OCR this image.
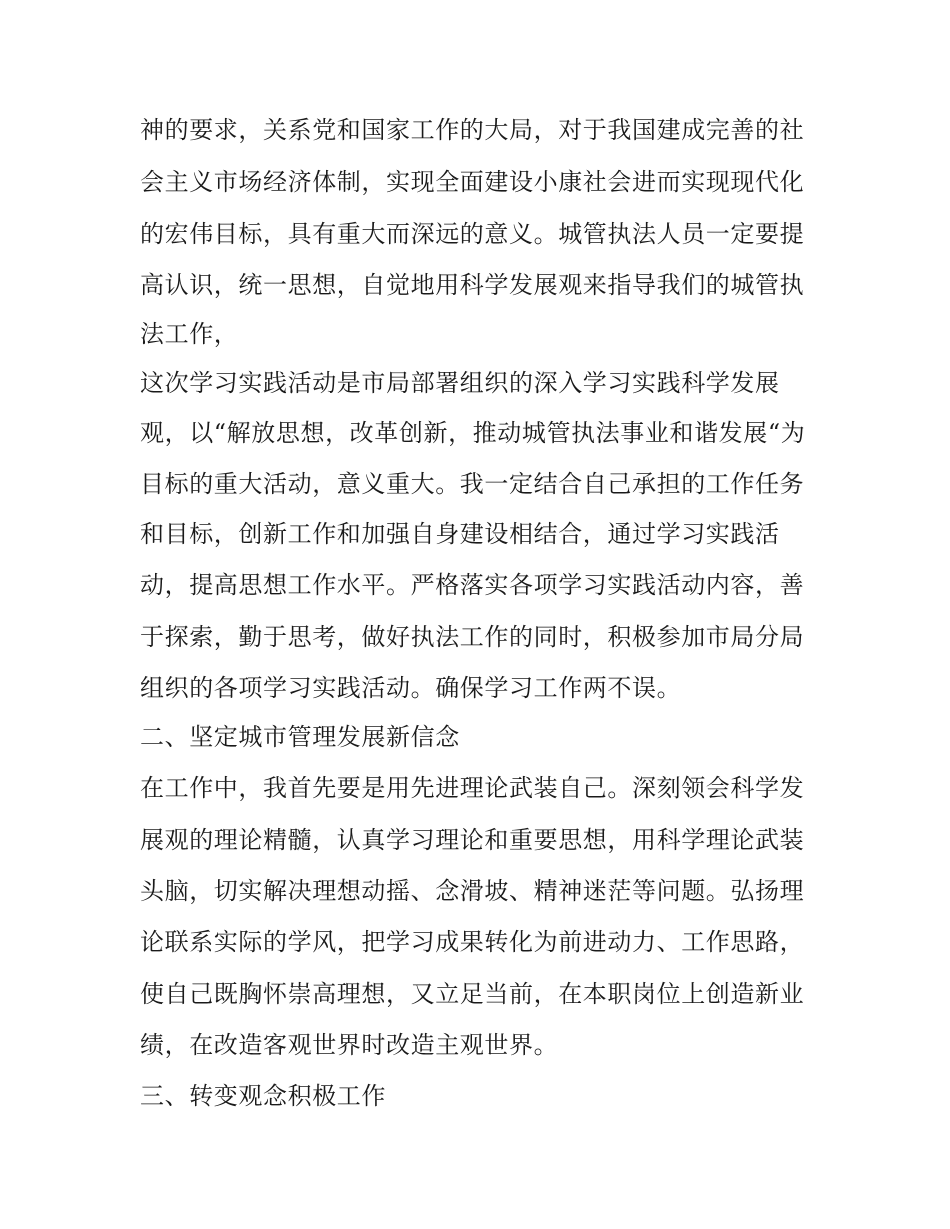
神的要求，关系党和国家工作的大局，对于我国建成完善的社

会主义市场经济体制，实现全面建设小康社会进而实现现代化

的宏伟目标，具有重大而深远的意义。城管执法人员一定要提

高认识，统一思想，自觉地用科学发展观来指导我们的城管执

法工作，

这次学习实践活动是市局部署组织的深入学习实践科学发展

观，以“解放思想，改革创新，推动城管执法事业和谐发展“为

目标的重大活动，意义重大。我一定结合自己承担的工作任务

和目标，创新工作和加强自身建设相结合，通过学习实践活

动，提高思想工作水平。严格落实各项学习实践活动内容，善

于探索，勤于思考，做好执法工作的同时，积极参加市局分局

组织的各项学习实践活动。确保学习工作两不误。

二、坚定城市管理发展新信念

在工作中，我首先要是用先进理论武装自己。深刻领会科学发

展观的理论精髓，认真学习理论和重要思想，用科学理论武装

头脑，切实解决理想动摇、念滑坡、精神迷茫等问题。弘扬理

论联系实际的学风，把学习成果转化为前进动力、工作思路，

使自己既胸怀崇高理想，又立足当前，在本职岗位上创造新业

绩，在改造客观世界时改造主观世界。

三、转变观念积极工作
